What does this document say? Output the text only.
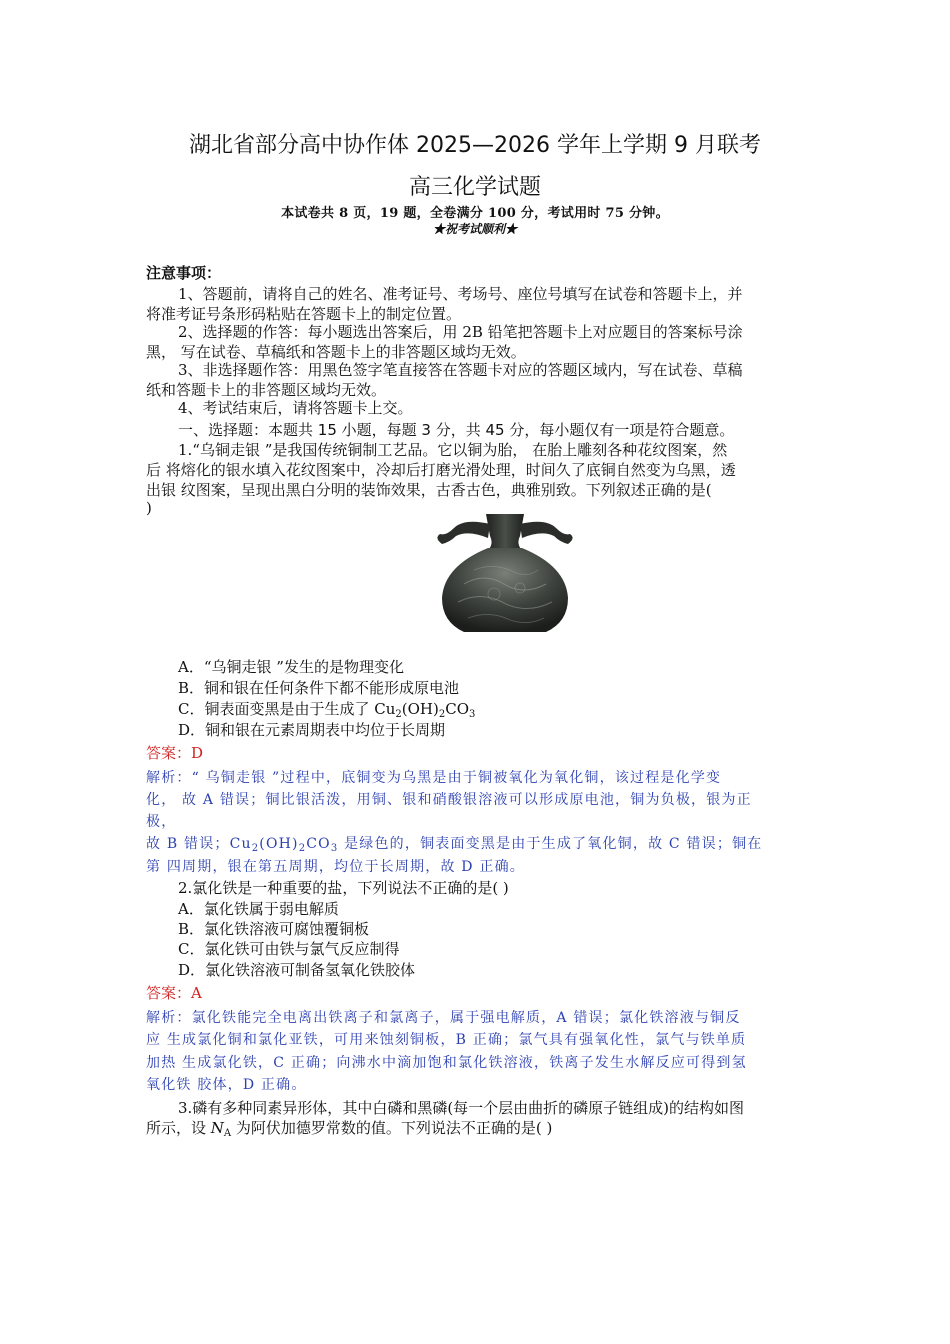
湖北省部分高中协作体 2025—2026 学年上学期 9 月联考
高三化学试题
本试卷共 8 页，19 题，全卷满分 100 分，考试用时 75 分钟。
★祝考试顺利★
注意事项：
1、答题前，请将自己的姓名、准考证号、考场号、座位号填写在试卷和答题卡上，并
将准考证号条形码粘贴在答题卡上的制定位置。
2、选择题的作答：每小题选出答案后，用 2B 铅笔把答题卡上对应题目的答案标号涂
黑， 写在试卷、草稿纸和答题卡上的非答题区域均无效。
3、非选择题作答：用黑色签字笔直接答在答题卡对应的答题区域内，写在试卷、草稿
纸和答题卡上的非答题区域均无效。
4、考试结束后，请将答题卡上交。
一、选择题：本题共 15 小题，每题 3 分，共 45 分，每小题仅有一项是符合题意。
1.“乌铜走银 ”是我国传统铜制工艺品。它以铜为胎， 在胎上雕刻各种花纹图案，然
后 将熔化的银水填入花纹图案中，冷却后打磨光滑处理，时间久了底铜自然变为乌黑，透
出银 纹图案，呈现出黑白分明的装饰效果，古香古色，典雅别致。下列叙述正确的是(
)
A．“乌铜走银 ”发生的是物理变化
B．铜和银在任何条件下都不能形成原电池
C．铜表面变黑是由于生成了 $Cu_2(OH)_2CO_3$
D．铜和银在元素周期表中均位于长周期
答案：D
解析：“ 乌铜走银 ”过程中，底铜变为乌黑是由于铜被氧化为氧化铜，该过程是化学变
化， 故 A 错误；铜比银活泼，用铜、银和硝酸银溶液可以形成原电池，铜为负极，银为正
极，
故 B 错误；$Cu_2(OH)_2CO_3$ 是绿色的，铜表面变黑是由于生成了氧化铜，故 C 错误；铜在
第 四周期，银在第五周期，均位于长周期，故 D 正确。
2.氯化铁是一种重要的盐，下列说法不正确的是( )
A．氯化铁属于弱电解质
B．氯化铁溶液可腐蚀覆铜板
C．氯化铁可由铁与氯气反应制得
D．氯化铁溶液可制备氢氧化铁胶体
答案：A
解析：氯化铁能完全电离出铁离子和氯离子，属于强电解质，A 错误；氯化铁溶液与铜反
应 生成氯化铜和氯化亚铁，可用来蚀刻铜板，B 正确；氯气具有强氧化性，氯气与铁单质
加热 生成氯化铁，C 正确；向沸水中滴加饱和氯化铁溶液，铁离子发生水解反应可得到氢
氧化铁 胶体，D 正确。
3.磷有多种同素异形体，其中白磷和黑磷(每一个层由曲折的磷原子链组成)的结构如图
所示，设 $N_A$ 为阿伏加德罗常数的值。下列说法不正确的是( )
